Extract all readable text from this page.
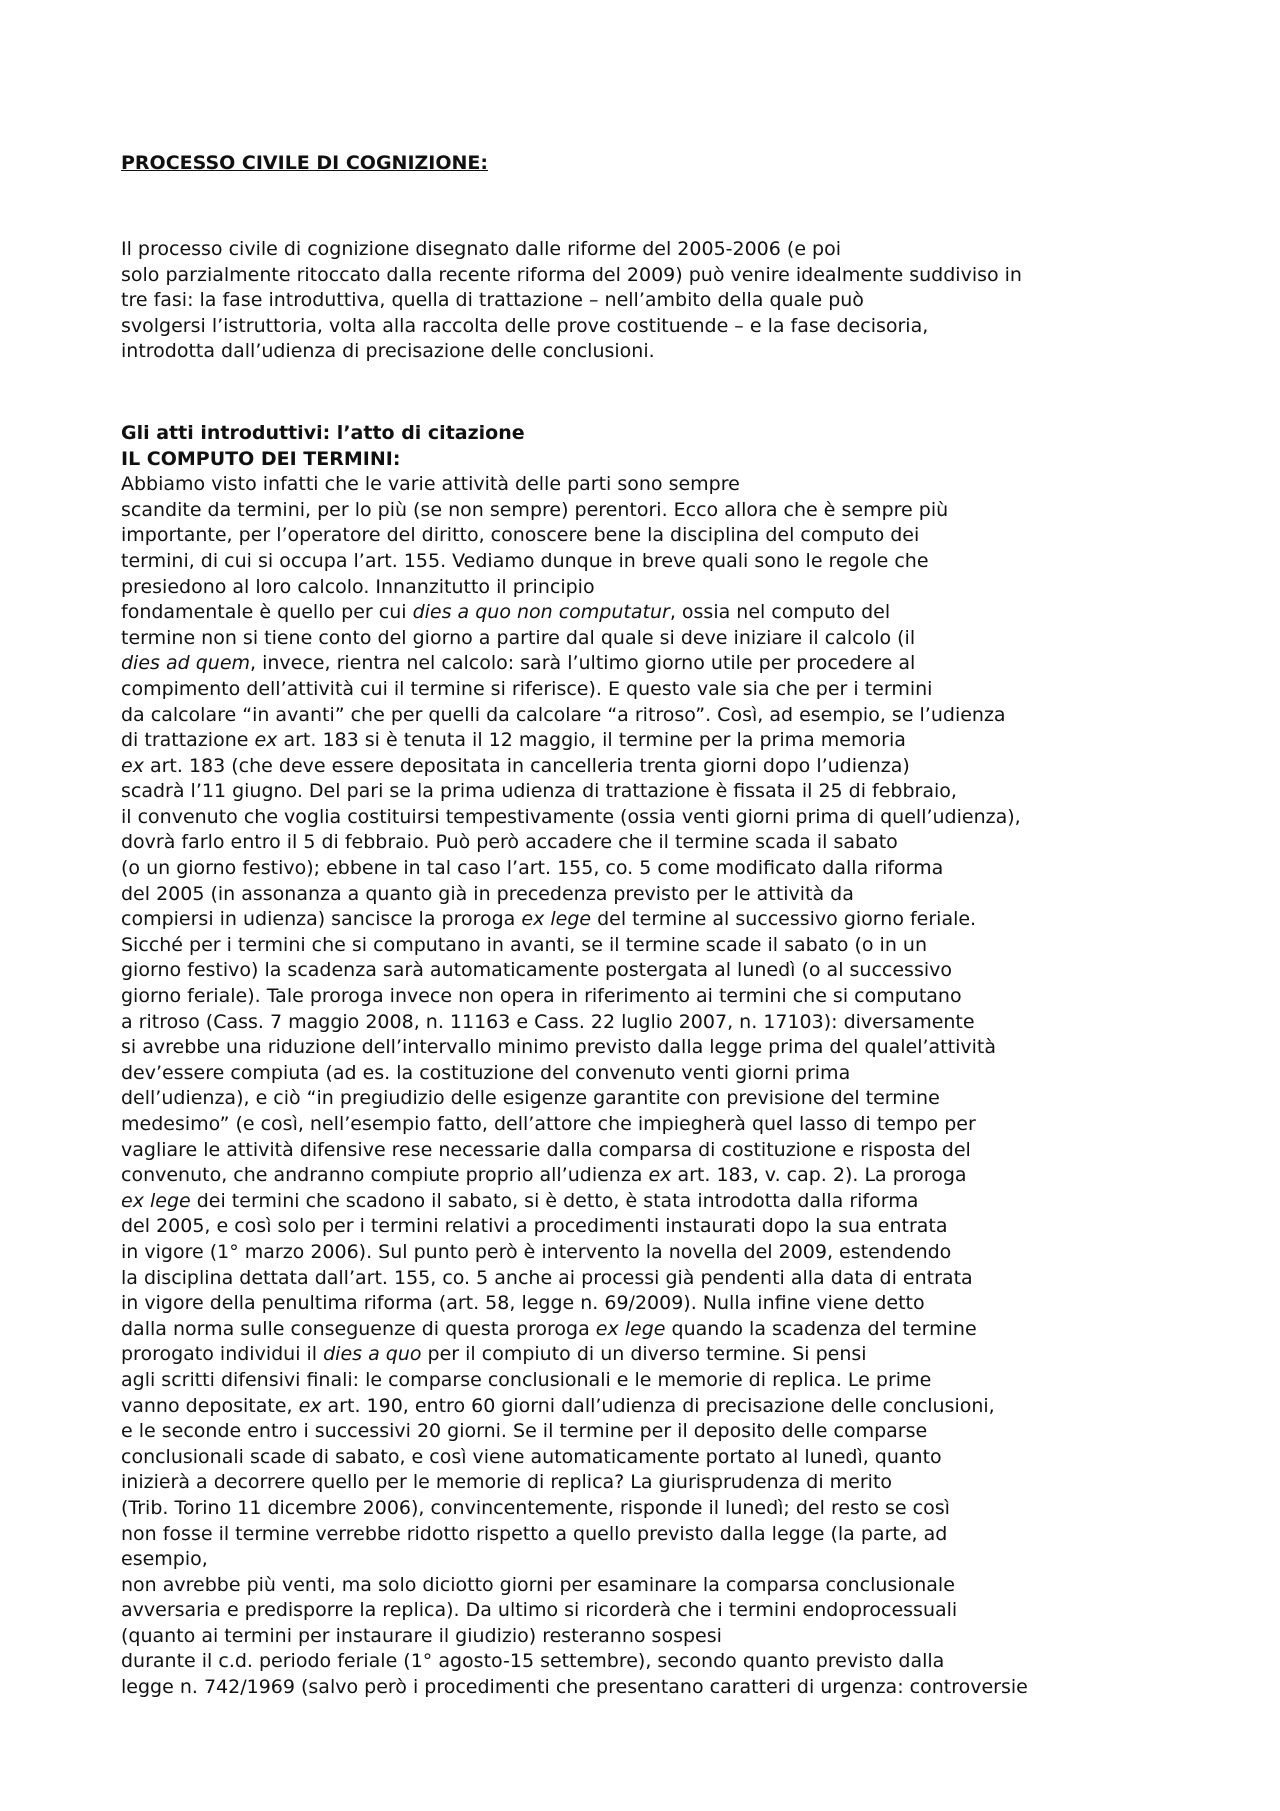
PROCESSO CIVILE DI COGNIZIONE:
Il processo civile di cognizione disegnato dalle riforme del 2005-2006 (e poi
solo parzialmente ritoccato dalla recente riforma del 2009) può venire idealmente suddiviso in
tre fasi: la fase introduttiva, quella di trattazione – nell’ambito della quale può
svolgersi l’istruttoria, volta alla raccolta delle prove costituende – e la fase decisoria,
introdotta dall’udienza di precisazione delle conclusioni.
Gli atti introduttivi: l’atto di citazione
IL COMPUTO DEI TERMINI:
Abbiamo visto infatti che le varie attività delle parti sono sempre
scandite da termini, per lo più (se non sempre) perentori. Ecco allora che è sempre più
importante, per l’operatore del diritto, conoscere bene la disciplina del computo dei
termini, di cui si occupa l’art. 155. Vediamo dunque in breve quali sono le regole che
presiedono al loro calcolo. Innanzitutto il principio
fondamentale è quello per cui dies a quo non computatur, ossia nel computo del
termine non si tiene conto del giorno a partire dal quale si deve iniziare il calcolo (il
dies ad quem, invece, rientra nel calcolo: sarà l’ultimo giorno utile per procedere al
compimento dell’attività cui il termine si riferisce). E questo vale sia che per i termini
da calcolare “in avanti” che per quelli da calcolare “a ritroso”. Così, ad esempio, se l’udienza
di trattazione ex art. 183 si è tenuta il 12 maggio, il termine per la prima memoria
ex art. 183 (che deve essere depositata in cancelleria trenta giorni dopo l’udienza)
scadrà l’11 giugno. Del pari se la prima udienza di trattazione è fissata il 25 di febbraio,
il convenuto che voglia costituirsi tempestivamente (ossia venti giorni prima di quell’udienza),
dovrà farlo entro il 5 di febbraio. Può però accadere che il termine scada il sabato
(o un giorno festivo); ebbene in tal caso l’art. 155, co. 5 come modificato dalla riforma
del 2005 (in assonanza a quanto già in precedenza previsto per le attività da
compiersi in udienza) sancisce la proroga ex lege del termine al successivo giorno feriale.
Sicché per i termini che si computano in avanti, se il termine scade il sabato (o in un
giorno festivo) la scadenza sarà automaticamente postergata al lunedì (o al successivo
giorno feriale). Tale proroga invece non opera in riferimento ai termini che si computano
a ritroso (Cass. 7 maggio 2008, n. 11163 e Cass. 22 luglio 2007, n. 17103): diversamente
si avrebbe una riduzione dell’intervallo minimo previsto dalla legge prima del qualel’attività
dev’essere compiuta (ad es. la costituzione del convenuto venti giorni prima
dell’udienza), e ciò “in pregiudizio delle esigenze garantite con previsione del termine
medesimo” (e così, nell’esempio fatto, dell’attore che impiegherà quel lasso di tempo per
vagliare le attività difensive rese necessarie dalla comparsa di costituzione e risposta del
convenuto, che andranno compiute proprio all’udienza ex art. 183, v. cap. 2). La proroga
ex lege dei termini che scadono il sabato, si è detto, è stata introdotta dalla riforma
del 2005, e così solo per i termini relativi a procedimenti instaurati dopo la sua entrata
in vigore (1° marzo 2006). Sul punto però è intervento la novella del 2009, estendendo
la disciplina dettata dall’art. 155, co. 5 anche ai processi già pendenti alla data di entrata
in vigore della penultima riforma (art. 58, legge n. 69/2009). Nulla infine viene detto
dalla norma sulle conseguenze di questa proroga ex lege quando la scadenza del termine
prorogato individui il dies a quo per il compiuto di un diverso termine. Si pensi
agli scritti difensivi finali: le comparse conclusionali e le memorie di replica. Le prime
vanno depositate, ex art. 190, entro 60 giorni dall’udienza di precisazione delle conclusioni,
e le seconde entro i successivi 20 giorni. Se il termine per il deposito delle comparse
conclusionali scade di sabato, e così viene automaticamente portato al lunedì, quanto
inizierà a decorrere quello per le memorie di replica? La giurisprudenza di merito
(Trib. Torino 11 dicembre 2006), convincentemente, risponde il lunedì; del resto se così
non fosse il termine verrebbe ridotto rispetto a quello previsto dalla legge (la parte, ad
esempio,
non avrebbe più venti, ma solo diciotto giorni per esaminare la comparsa conclusionale
avversaria e predisporre la replica). Da ultimo si ricorderà che i termini endoprocessuali
(quanto ai termini per instaurare il giudizio) resteranno sospesi
durante il c.d. periodo feriale (1° agosto-15 settembre), secondo quanto previsto dalla
legge n. 742/1969 (salvo però i procedimenti che presentano caratteri di urgenza: controversie
